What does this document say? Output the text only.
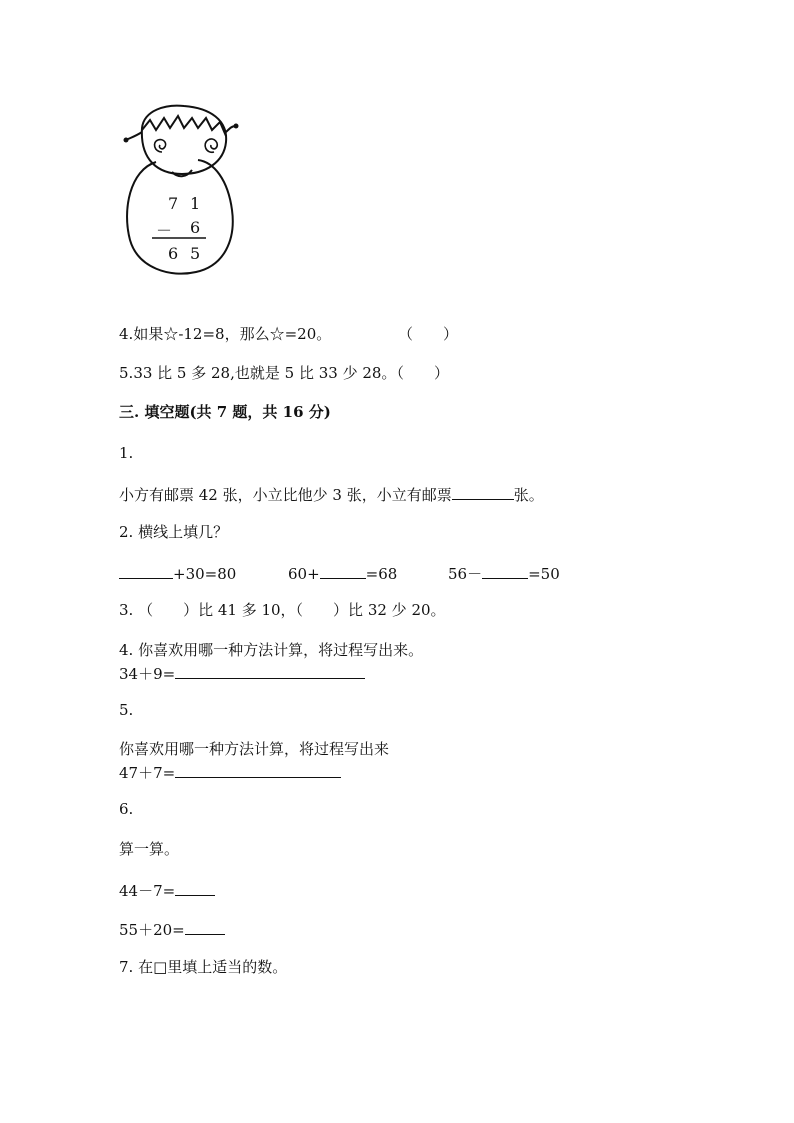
7 1
－ 6
6 5
4.如果☆-12=8，那么☆=20。	（　　）
5.33 比 5 多 28,也就是 5 比 33 少 28。（　　）
三. 填空题(共 7 题，共 16 分)
1.
小方有邮票 42 张，小立比他少 3 张，小立有邮票	张。
2. 横线上填几？
+30=80	60+	=68	56－	=50
3. （　　）比 41 多 10，（　　）比 32 少 20。
4. 你喜欢用哪一种方法计算，将过程写出来。
34＋9=
5.
你喜欢用哪一种方法计算，将过程写出来
47＋7=
6.
算一算。
44－7=
55＋20=
7. 在□里填上适当的数。
